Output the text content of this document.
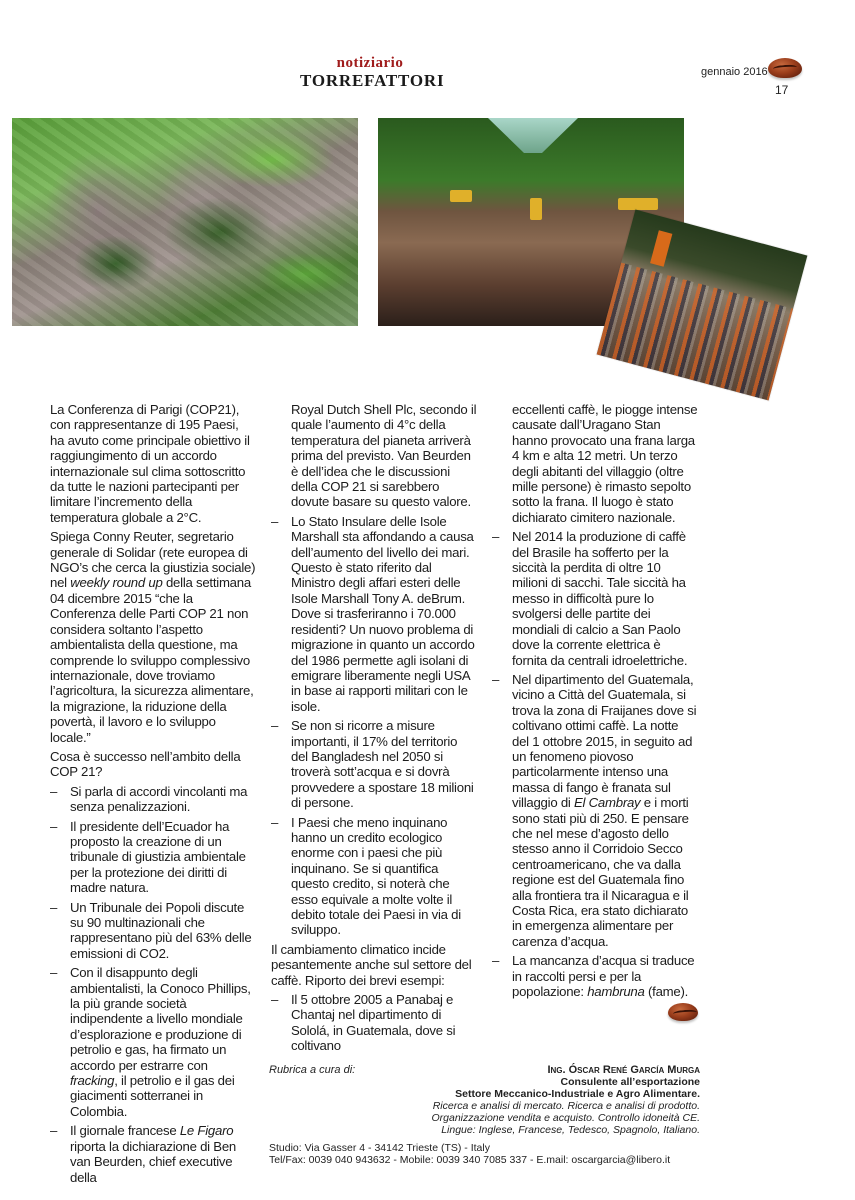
notiziario
TORREFATTORI	gennaio 2016
17

La Conferenza di Parigi (COP21), con rappresentanze di 195 Paesi, ha avuto come principale obiettivo il raggiungimento di un accordo internazionale sul clima sottoscritto da tutte le nazioni partecipanti per limitare l’incremento della temperatura globale a 2°C.

Spiega Conny Reuter, segretario generale di Solidar (rete europea di NGO’s che cerca la giustizia sociale) nel weekly round up della settimana 04 dicembre 2015 “che la Conferenza delle Parti COP 21 non considera soltanto l’aspetto ambientalista della questione, ma comprende lo sviluppo complessivo internazionale, dove troviamo l’agricoltura, la sicurezza alimentare, la migrazione, la riduzione della povertà, il lavoro e lo sviluppo locale.”

Cosa è successo nell’ambito della COP 21?

– Si parla di accordi vincolanti ma senza penalizzazioni.
– Il presidente dell’Ecuador ha proposto la creazione di un tribunale di giustizia ambientale per la protezione dei diritti di madre natura.
– Un Tribunale dei Popoli discute su 90 multinazionali che rappresentano più del 63% delle emissioni di CO2.
– Con il disappunto degli ambientalisti, la Conoco Phillips, la più grande società indipendente a livello mondiale d’esplorazione e produzione di petrolio e gas, ha firmato un accordo per estrarre con fracking, il petrolio e il gas dei giacimenti sotterranei in Colombia.
– Il giornale francese Le Figaro riporta la dichiarazione di Ben van Beurden, chief executive della

Royal Dutch Shell Plc, secondo il quale l’aumento di 4°c della temperatura del pianeta arriverà prima del previsto. Van Beurden è dell’idea che le discussioni della COP 21 si sarebbero dovute basare su questo valore.

– Lo Stato Insulare delle Isole Marshall sta affondando a causa dell’aumento del livello dei mari. Questo è stato riferito dal Ministro degli affari esteri delle Isole Marshall Tony A. deBrum. Dove si trasferiranno i 70.000 residenti? Un nuovo problema di migrazione in quanto un accordo del 1986 permette agli isolani di emigrare liberamente negli USA in base ai rapporti militari con le isole.
– Se non si ricorre a misure importanti, il 17% del territorio del Bangladesh nel 2050 si troverà sott’acqua e si dovrà provvedere a spostare 18 milioni di persone.
– I Paesi che meno inquinano hanno un credito ecologico enorme con i paesi che più inquinano. Se si quantifica questo credito, si noterà che esso equivale a molte volte il debito totale dei Paesi in via di sviluppo.

Il cambiamento climatico incide pesantemente anche sul settore del caffè. Riporto dei brevi esempi:

– Il 5 ottobre 2005 a Panabaj e Chantaj nel dipartimento di Sololá, in Guatemala, dove si coltivano

eccellenti caffè, le piogge intense causate dall’Uragano Stan hanno provocato una frana larga 4 km e alta 12 metri. Un terzo degli abitanti del villaggio (oltre mille persone) è rimasto sepolto sotto la frana. Il luogo è stato dichiarato cimitero nazionale.

– Nel 2014 la produzione di caffè del Brasile ha sofferto per la siccità la perdita di oltre 10 milioni di sacchi. Tale siccità ha messo in difficoltà pure lo svolgersi delle partite dei mondiali di calcio a San Paolo dove la corrente elettrica è fornita da centrali idroelettriche.
– Nel dipartimento del Guatemala, vicino a Città del Guatemala, si trova la zona di Fraijanes dove si coltivano ottimi caffè. La notte del 1 ottobre 2015, in seguito ad un fenomeno piovoso particolarmente intenso una massa di fango è franata sul villaggio di El Cambray e i morti sono stati più di 250. E pensare che nel mese d’agosto dello stesso anno il Corridoio Secco centroamericano, che va dalla regione est del Guatemala fino alla frontiera tra il Nicaragua e il Costa Rica, era stato dichiarato in emergenza alimentare per carenza d’acqua.
– La mancanza d’acqua si traduce in raccolti persi e per la popolazione: hambruna (fame).
Rubrica a cura di:	Ing. Óscar René García Murga
Consulente all’esportazione
Settore Meccanico-Industriale e Agro Alimentare.
Ricerca e analisi di mercato. Ricerca e analisi di prodotto.
Organizzazione vendita e acquisto. Controllo idoneità CE.
Lingue: Inglese, Francese, Tedesco, Spagnolo, Italiano.
Studio: Via Gasser 4 - 34142 Trieste (TS) - Italy
Tel/Fax: 0039 040 943632 - Mobile: 0039 340 7085 337 - E.mail: oscargarcia@libero.it
